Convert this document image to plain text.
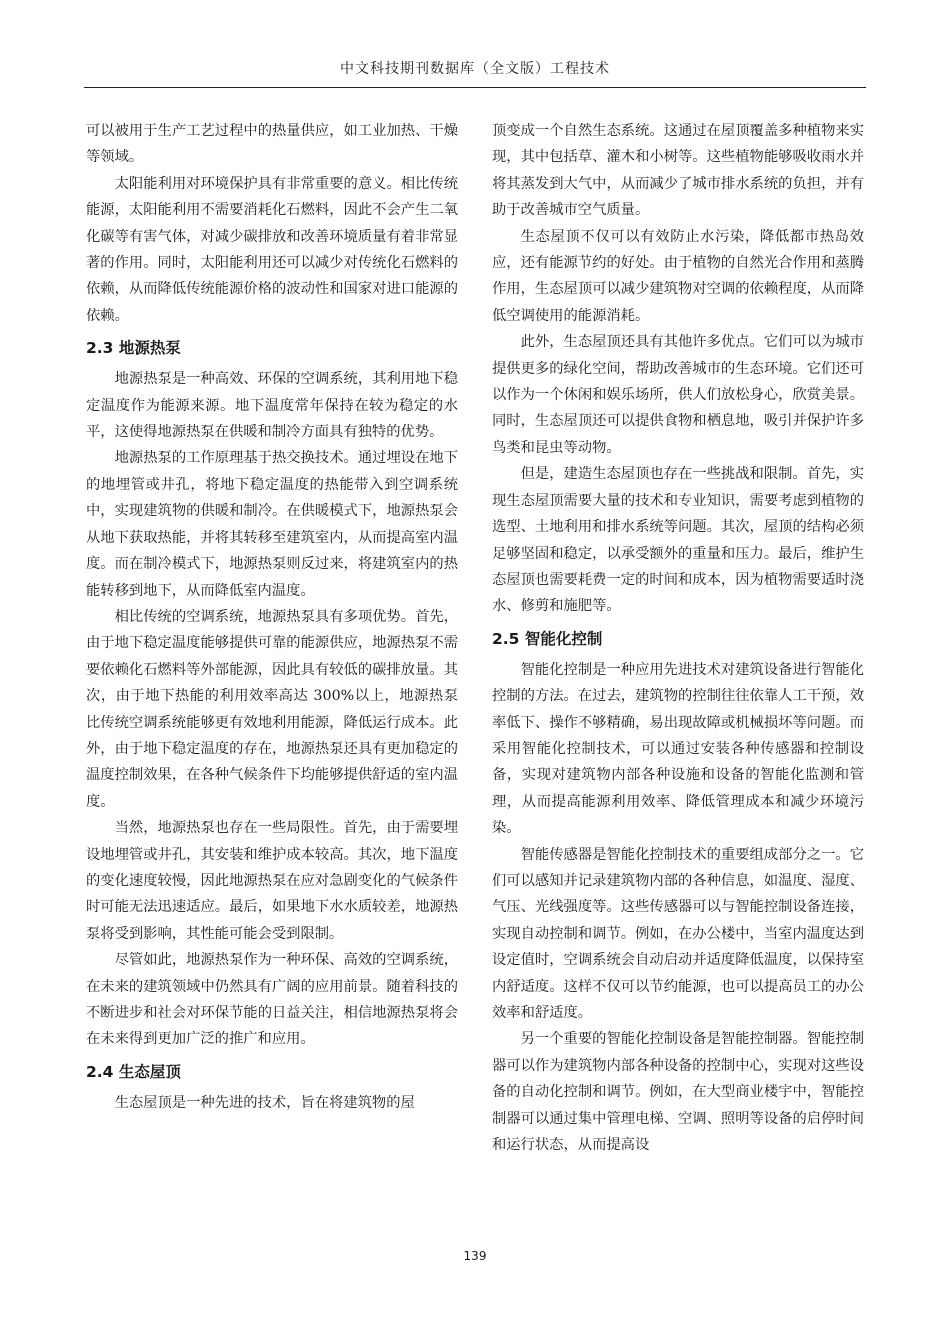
中文科技期刊数据库（全文版）工程技术

可以被用于生产工艺过程中的热量供应，如工业加热、干燥等领域。

太阳能利用对环境保护具有非常重要的意义。相比传统能源，太阳能利用不需要消耗化石燃料，因此不会产生二氧化碳等有害气体，对减少碳排放和改善环境质量有着非常显著的作用。同时，太阳能利用还可以减少对传统化石燃料的依赖，从而降低传统能源价格的波动性和国家对进口能源的依赖。

2.3 地源热泵

地源热泵是一种高效、环保的空调系统，其利用地下稳定温度作为能源来源。地下温度常年保持在较为稳定的水平，这使得地源热泵在供暖和制冷方面具有独特的优势。

地源热泵的工作原理基于热交换技术。通过埋设在地下的地埋管或井孔，将地下稳定温度的热能带入到空调系统中，实现建筑物的供暖和制冷。在供暖模式下，地源热泵会从地下获取热能，并将其转移至建筑室内，从而提高室内温度。而在制冷模式下，地源热泵则反过来，将建筑室内的热能转移到地下，从而降低室内温度。

相比传统的空调系统，地源热泵具有多项优势。首先，由于地下稳定温度能够提供可靠的能源供应，地源热泵不需要依赖化石燃料等外部能源，因此具有较低的碳排放量。其次，由于地下热能的利用效率高达 300%以上，地源热泵比传统空调系统能够更有效地利用能源，降低运行成本。此外，由于地下稳定温度的存在，地源热泵还具有更加稳定的温度控制效果，在各种气候条件下均能够提供舒适的室内温度。

当然，地源热泵也存在一些局限性。首先，由于需要埋设地埋管或井孔，其安装和维护成本较高。其次，地下温度的变化速度较慢，因此地源热泵在应对急剧变化的气候条件时可能无法迅速适应。最后，如果地下水水质较差，地源热泵将受到影响，其性能可能会受到限制。

尽管如此，地源热泵作为一种环保、高效的空调系统，在未来的建筑领域中仍然具有广阔的应用前景。随着科技的不断进步和社会对环保节能的日益关注，相信地源热泵将会在未来得到更加广泛的推广和应用。

2.4 生态屋顶

生态屋顶是一种先进的技术，旨在将建筑物的屋

顶变成一个自然生态系统。这通过在屋顶覆盖多种植物来实现，其中包括草、灌木和小树等。这些植物能够吸收雨水并将其蒸发到大气中，从而减少了城市排水系统的负担，并有助于改善城市空气质量。

生态屋顶不仅可以有效防止水污染，降低都市热岛效应，还有能源节约的好处。由于植物的自然光合作用和蒸腾作用，生态屋顶可以减少建筑物对空调的依赖程度，从而降低空调使用的能源消耗。

此外，生态屋顶还具有其他许多优点。它们可以为城市提供更多的绿化空间，帮助改善城市的生态环境。它们还可以作为一个休闲和娱乐场所，供人们放松身心，欣赏美景。同时，生态屋顶还可以提供食物和栖息地，吸引并保护许多鸟类和昆虫等动物。

但是，建造生态屋顶也存在一些挑战和限制。首先，实现生态屋顶需要大量的技术和专业知识，需要考虑到植物的选型、土地利用和排水系统等问题。其次，屋顶的结构必须足够坚固和稳定，以承受额外的重量和压力。最后，维护生态屋顶也需要耗费一定的时间和成本，因为植物需要适时浇水、修剪和施肥等。

2.5 智能化控制

智能化控制是一种应用先进技术对建筑设备进行智能化控制的方法。在过去，建筑物的控制往往依靠人工干预，效率低下、操作不够精确，易出现故障或机械损坏等问题。而采用智能化控制技术，可以通过安装各种传感器和控制设备，实现对建筑物内部各种设施和设备的智能化监测和管理，从而提高能源利用效率、降低管理成本和减少环境污染。

智能传感器是智能化控制技术的重要组成部分之一。它们可以感知并记录建筑物内部的各种信息，如温度、湿度、气压、光线强度等。这些传感器可以与智能控制设备连接，实现自动控制和调节。例如，在办公楼中，当室内温度达到设定值时，空调系统会自动启动并适度降低温度，以保持室内舒适度。这样不仅可以节约能源，也可以提高员工的办公效率和舒适度。

另一个重要的智能化控制设备是智能控制器。智能控制器可以作为建筑物内部各种设备的控制中心，实现对这些设备的自动化控制和调节。例如，在大型商业楼宇中，智能控制器可以通过集中管理电梯、空调、照明等设备的启停时间和运行状态，从而提高设

139
